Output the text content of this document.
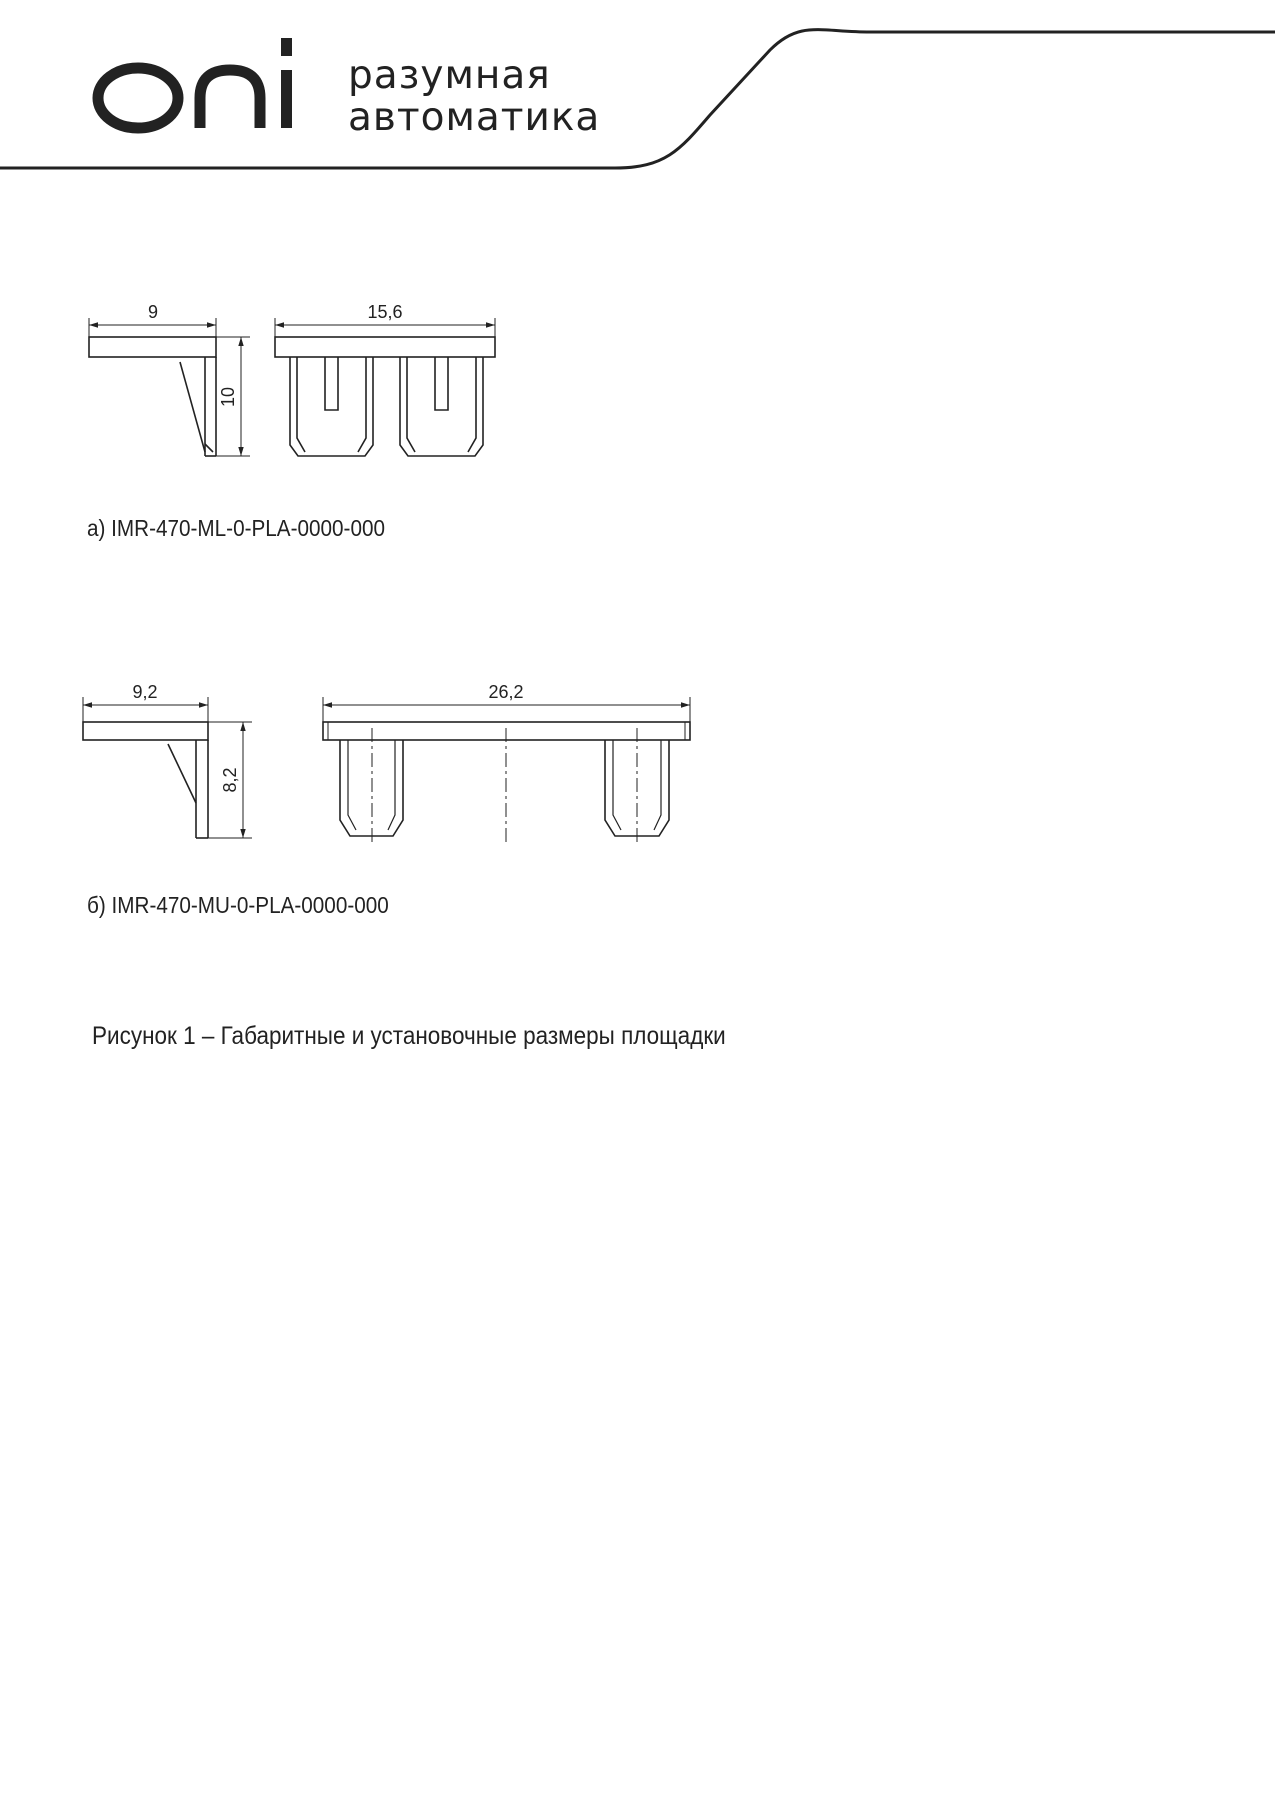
разумная
автоматика
9	15,6
10
а) IMR-470-ML-0-PLA-0000-000
9,2	26,2
8,2
б) IMR-470-MU-0-PLA-0000-000
Рисунок 1 – Габаритные и установочные размеры площадки
